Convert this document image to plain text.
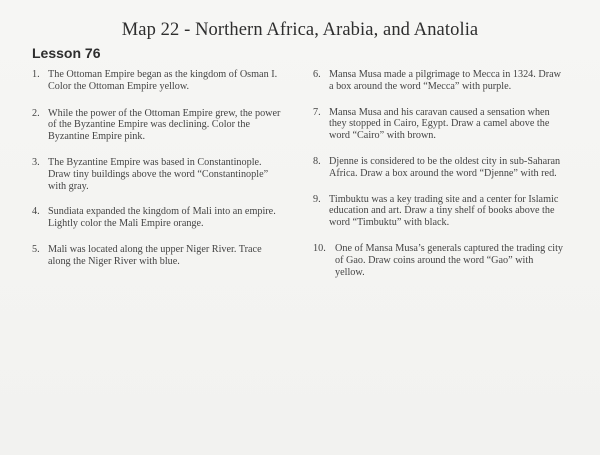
Map 22 - Northern Africa, Arabia, and Anatolia
Lesson 76
1. The Ottoman Empire began as the kingdom of Osman I. Color the Ottoman Empire yellow.
2. While the power of the Ottoman Empire grew, the power of the Byzantine Empire was declining. Color the Byzantine Empire pink.
3. The Byzantine Empire was based in Constantinople. Draw tiny buildings above the word “Constantinople” with gray.
4. Sundiata expanded the kingdom of Mali into an empire. Lightly color the Mali Empire orange.
5. Mali was located along the upper Niger River. Trace along the Niger River with blue.
6. Mansa Musa made a pilgrimage to Mecca in 1324. Draw a box around the word “Mecca” with purple.
7. Mansa Musa and his caravan caused a sensation when they stopped in Cairo, Egypt. Draw a camel above the word “Cairo” with brown.
8. Djenne is considered to be the oldest city in sub-Saharan Africa. Draw a box around the word “Djenne” with red.
9. Timbuktu was a key trading site and a center for Islamic education and art. Draw a tiny shelf of books above the word “Timbuktu” with black.
10. One of Mansa Musa’s generals captured the trading city of Gao. Draw coins around the word “Gao” with yellow.
